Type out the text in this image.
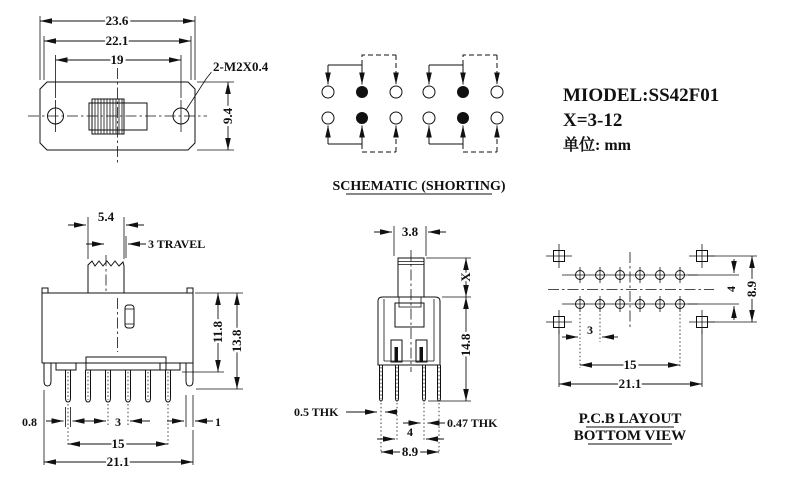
23.6
22.1
19
9.4
2-M2X0.4
SCHEMATIC (SHORTING)
MIODEL:SS42F01
X=3-12
单位: mm
5.4
3 TRAVEL
0.8	3	1
15
21.1
11.8 13.8
3.8
X
14.8
0.5 THK
0.47 THK
4
8.9
3
15
21.1
4 8.9
P.C.B LAYOUT
BOTTOM VIEW
